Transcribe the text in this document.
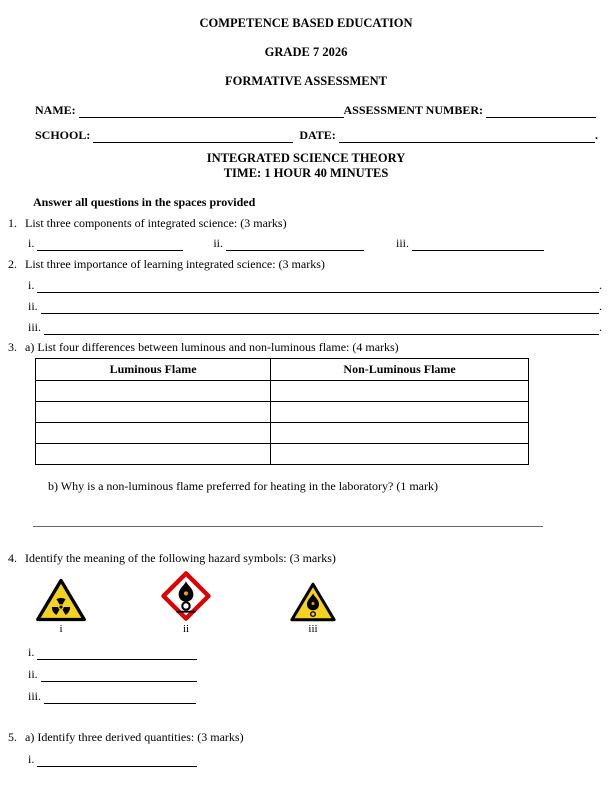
COMPETENCE BASED EDUCATION
GRADE 7 2026
FORMATIVE ASSESSMENT
NAME:	ASSESSMENT NUMBER:
SCHOOL:	DATE:	.
INTEGRATED SCIENCE THEORY
TIME: 1 HOUR 40 MINUTES
Answer all questions in the spaces provided
1. List three components of integrated science: (3 marks)
i.	ii.	iii.
2. List three importance of learning integrated science: (3 marks)
i.	.
ii.	.
iii.	.
3. a) List four differences between luminous and non-luminous flame: (4 marks)
Luminous Flame	Non-Luminous Flame

b) Why is a non-luminous flame preferred for heating in the laboratory? (1 mark)
4. Identify the meaning of the following hazard symbols: (3 marks)
i	ii	iii
i.
ii.
iii.
5. a) Identify three derived quantities: (3 marks)
i.
